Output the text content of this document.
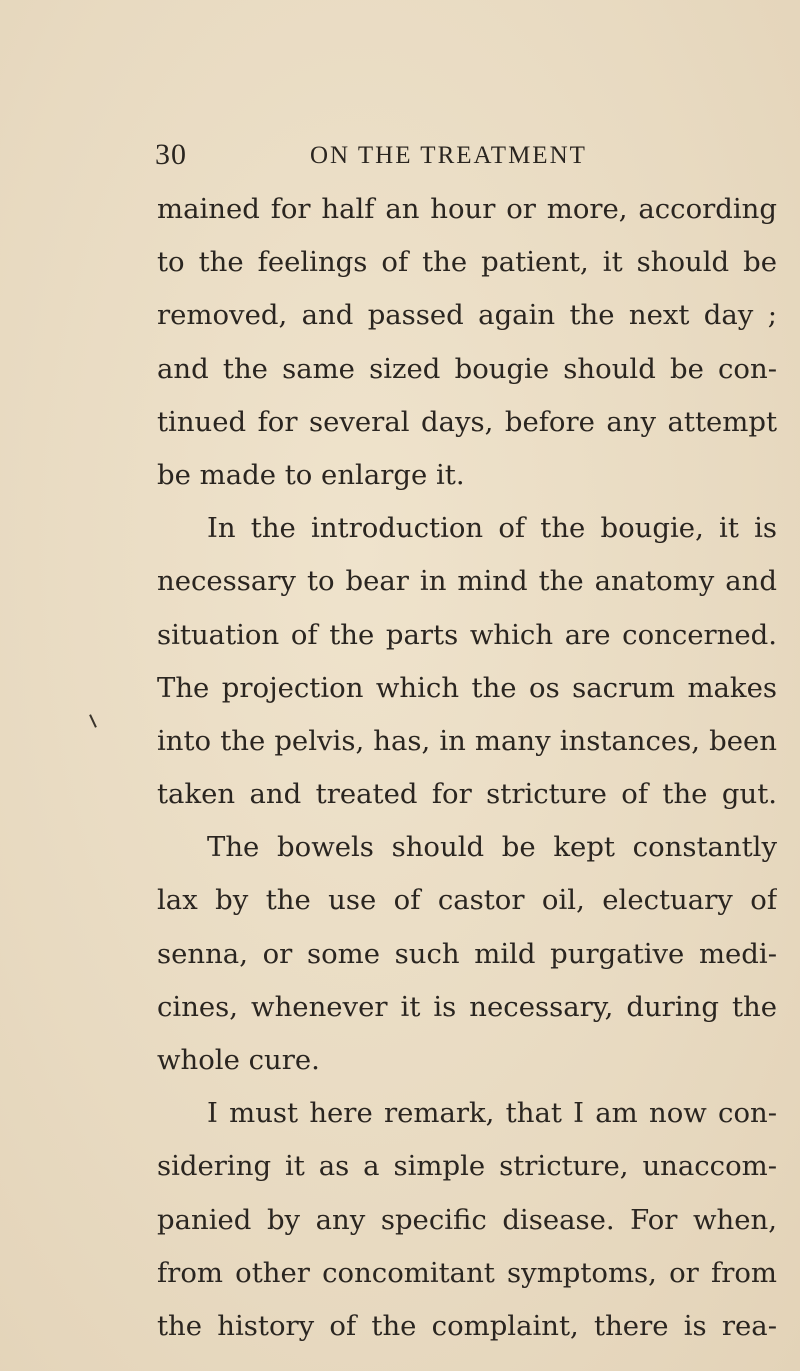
30	ON THE TREATMENT
mained for half an hour or more, according
to the feelings of the patient, it should be
removed, and passed again the next day ;
and the same sized bougie should be con-
tinued for several days, before any attempt
be made to enlarge it.
In the introduction of the bougie, it is
necessary to bear in mind the anatomy and
situation of the parts which are concerned.
The projection which the os sacrum makes
into the pelvis, has, in many instances, been
taken and treated for stricture of the gut.
The bowels should be kept constantly
lax by the use of castor oil, electuary of
senna, or some such mild purgative medi-
cines, whenever it is necessary, during the
whole cure.
I must here remark, that I am now con-
sidering it as a simple stricture, unaccom-
panied by any specific disease. For when,
from other concomitant symptoms, or from
the history of the complaint, there is rea-
